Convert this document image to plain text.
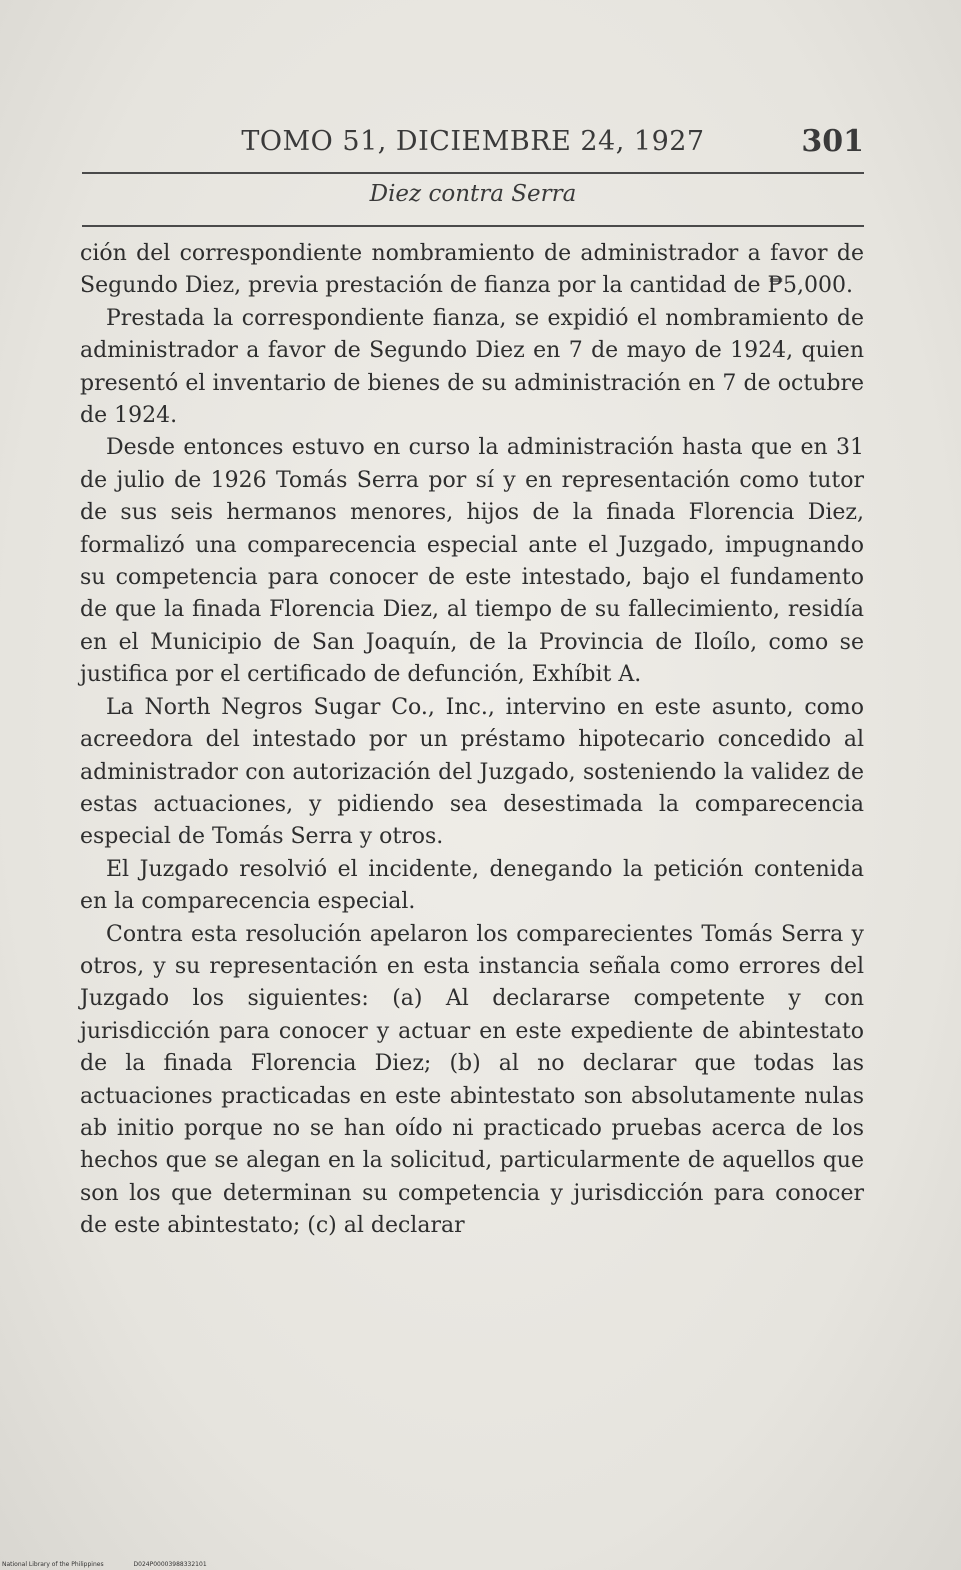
TOMO 51, DICIEMBRE 24, 1927	301
Diez contra Serra

ción del correspondiente nombramiento de administrador a favor de Segundo Diez, previa prestación de fianza por la cantidad de ₱5,000.

Prestada la correspondiente fianza, se expidió el nombramiento de administrador a favor de Segundo Diez en 7 de mayo de 1924, quien presentó el inventario de bienes de su administración en 7 de octubre de 1924.

Desde entonces estuvo en curso la administración hasta que en 31 de julio de 1926 Tomás Serra por sí y en representación como tutor de sus seis hermanos menores, hijos de la finada Florencia Diez, formalizó una comparecencia especial ante el Juzgado, impugnando su competencia para conocer de este intestado, bajo el fundamento de que la finada Florencia Diez, al tiempo de su fallecimiento, residía en el Municipio de San Joaquín, de la Provincia de Iloílo, como se justifica por el certificado de defunción, Exhíbit A.

La North Negros Sugar Co., Inc., intervino en este asunto, como acreedora del intestado por un préstamo hipotecario concedido al administrador con autorización del Juzgado, sosteniendo la validez de estas actuaciones, y pidiendo sea desestimada la comparecencia especial de Tomás Serra y otros.

El Juzgado resolvió el incidente, denegando la petición contenida en la comparecencia especial.

Contra esta resolución apelaron los comparecientes Tomás Serra y otros, y su representación en esta instancia señala como errores del Juzgado los siguientes: (a) Al declararse competente y con jurisdicción para conocer y actuar en este expediente de abintestato de la finada Florencia Diez; (b) al no declarar que todas las actuaciones practicadas en este abintestato son absolutamente nulas ab initio porque no se han oído ni practicado pruebas acerca de los hechos que se alegan en la solicitud, particularmente de aquellos que son los que determinan su competencia y jurisdicción para conocer de este abintestato; (c) al declarar

National Library of the Philippines	D024P00003988332101
